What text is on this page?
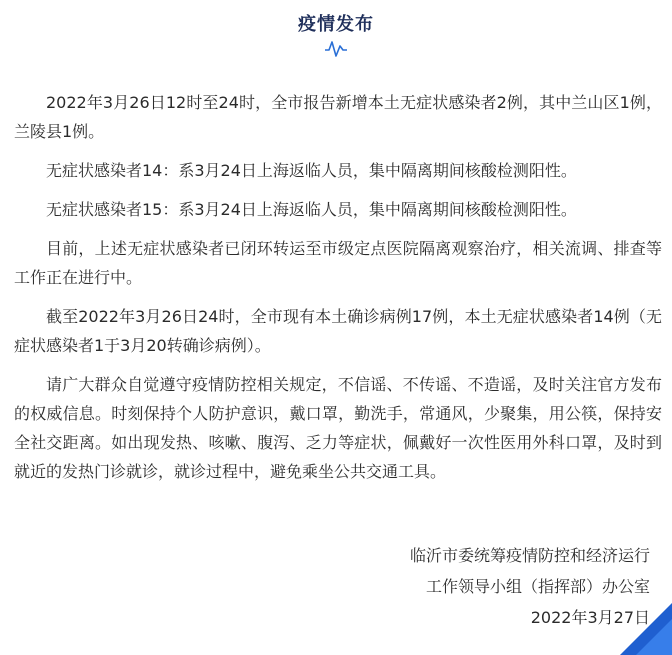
疫情发布

2022年3月26日12时至24时，全市报告新增本土无症状感染者2例，其中兰山区1例，兰陵县1例。

无症状感染者14：系3月24日上海返临人员，集中隔离期间核酸检测阳性。

无症状感染者15：系3月24日上海返临人员，集中隔离期间核酸检测阳性。

目前，上述无症状感染者已闭环转运至市级定点医院隔离观察治疗，相关流调、排查等工作正在进行中。

截至2022年3月26日24时，全市现有本土确诊病例17例，本土无症状感染者14例（无症状感染者1于3月20转确诊病例）。

请广大群众自觉遵守疫情防控相关规定，不信谣、不传谣、不造谣，及时关注官方发布的权威信息。时刻保持个人防护意识，戴口罩，勤洗手，常通风，少聚集，用公筷，保持安全社交距离。如出现发热、咳嗽、腹泻、乏力等症状，佩戴好一次性医用外科口罩，及时到就近的发热门诊就诊，就诊过程中，避免乘坐公共交通工具。

临沂市委统筹疫情防控和经济运行
工作领导小组（指挥部）办公室
2022年3月27日
